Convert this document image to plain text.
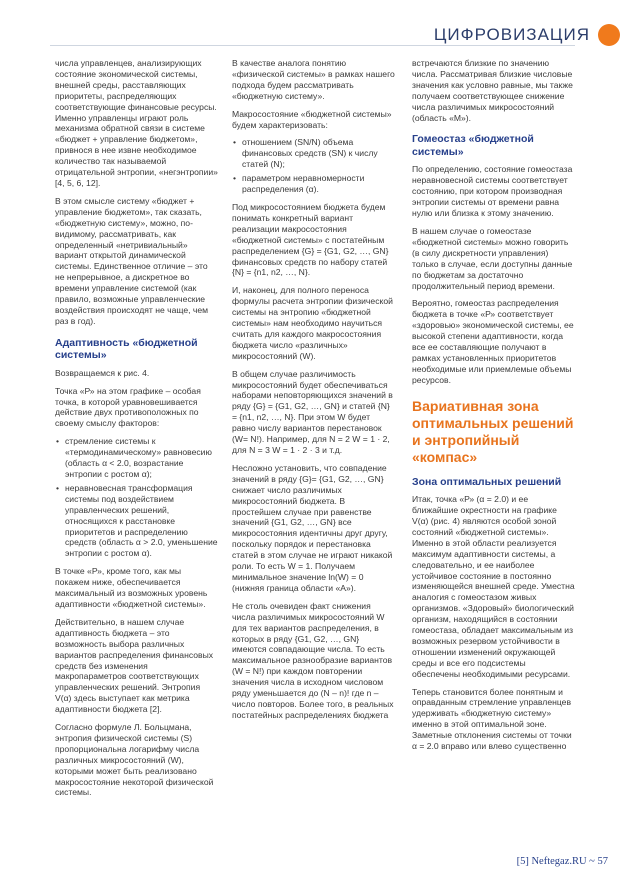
ЦИФРОВИЗАЦИЯ

числа управленцев, анализирующих состояние экономической системы, внешней среды, расставляющих приоритеты, распределяющих соответствующие финансовые ресурсы. Именно управленцы играют роль механизма обратной связи в системе «бюджет + управление бюджетом», привнося в нее извне необходимое количество так называемой отрицательной энтропии, «негэнтропии» [4, 5, 6, 12].

В этом смысле систему «бюджет + управление бюджетом», так сказать, «бюджетную систему», можно, по-видимому, рассматривать, как определенный «нетривиальный» вариант открытой динамической системы. Единственное отличие – это не непрерывное, а дискретное во времени управление системой (как правило, возможные управленческие воздействия происходят не чаще, чем раз в год).

Адаптивность «бюджетной системы»

Возвращаемся к рис. 4.

Точка «Р» на этом графике – особая точка, в которой уравновешивается действие двух противоположных по своему смыслу факторов:

• стремление системы к «термодинамическому» равновесию (область α < 2.0, возрастание энтропии с ростом α);
• неравновесная трансформация системы под воздействием управленческих решений, относящихся к расстановке приоритетов и распределению средств (область α > 2.0, уменьшение энтропии с ростом α).

В точке «Р», кроме того, как мы покажем ниже, обеспечивается максимальный из возможных уровень адаптивности «бюджетной системы».

Действительно, в нашем случае адаптивность бюджета – это возможность выбора различных вариантов распределения финансовых средств без изменения макропараметров соответствующих управленческих решений. Энтропия V(α) здесь выступает как метрика адаптивности бюджета [2].

Согласно формуле Л. Больцмана, энтропия физической системы (S) пропорциональна логарифму числа различных микросостояний (W), которыми может быть реализовано макросостояние некоторой физической системы.

В качестве аналога понятию «физической системы» в рамках нашего подхода будем рассматривать «бюджетную систему».

Макросостояние «бюджетной системы» будем характеризовать:

• отношением (SN/N) объема финансовых средств (SN) к числу статей (N);
• параметром неравномерности распределения (α).

Под микросостоянием бюджета будем понимать конкретный вариант реализации макросостояния «бюджетной системы» с постатейным распределением {G} = {G1, G2, …, GN} финансовых средств по набору статей {N} = {n1, n2, …, N}.

И, наконец, для полного переноса формулы расчета энтропии физической системы на энтропию «бюджетной системы» нам необходимо научиться считать для каждого макросостояния бюджета число «различных» микросостояний (W).

В общем случае различимость микросостояний будет обеспечиваться наборами неповторяющихся значений в ряду {G} = {G1, G2, …, GN} и статей {N} = {n1, n2, …, N}. При этом W будет равно числу вариантов перестановок (W= N!). Например, для N = 2 W = 1 · 2, для N = 3 W = 1 · 2 · 3 и т.д.

Несложно установить, что совпадение значений в ряду {G}= {G1, G2, …, GN} снижает число различимых микросостояний бюджета. В простейшем случае при равенстве значений {G1, G2, …, GN} все микросостояния идентичны друг другу, поскольку порядок и перестановка статей в этом случае не играют никакой роли. То есть W = 1. Получаем минимальное значение ln(W) = 0 (нижняя граница области «А»).

Не столь очевиден факт снижения числа различимых микросостояний W для тех вариантов распределения, в которых в ряду {G1, G2, …, GN} имеются совпадающие числа. То есть максимальное разнообразие вариантов (W = N!) при каждом повторении значения числа в исходном числовом ряду уменьшается до (N – n)! где n – число повторов. Более того, в реальных постатейных распределениях бюджета

встречаются близкие по значению числа. Рассматривая близкие числовые значения как условно равные, мы также получаем соответствующее снижение числа различимых микросостояний (область «М»).

Гомеостаз «бюджетной системы»

По определению, состояние гомеостаза неравновесной системы соответствует состоянию, при котором производная энтропии системы от времени равна нулю или близка к этому значению.

В нашем случае о гомеостазе «бюджетной системы» можно говорить (в силу дискретности управления) только в случае, если доступны данные по бюджетам за достаточно продолжительный период времени.

Вероятно, гомеостаз распределения бюджета в точке «Р» соответствует «здоровью» экономической системы, ее высокой степени адаптивности, когда все ее составляющие получают в рамках установленных приоритетов необходимые или приемлемые объемы ресурсов.

Вариативная зона оптимальных решений и энтропийный «компас»
Зона оптимальных решений

Итак, точка «Р» (α = 2.0) и ее ближайшие окрестности на графике V(α) (рис. 4) являются особой зоной состояний «бюджетной системы». Именно в этой области реализуется максимум адаптивности системы, а следовательно, и ее наиболее устойчивое состояние в постоянно изменяющейся внешней среде. Уместна аналогия с гомеостазом живых организмов. «Здоровый» биологический организм, находящийся в состоянии гомеостаза, обладает максимальным из возможных резервом устойчивости в отношении изменений окружающей среды и все его подсистемы обеспечены необходимыми ресурсами.

Теперь становится более понятным и оправданным стремление управленцев удерживать «бюджетную систему» именно в этой оптимальной зоне. Заметные отклонения системы от точки α = 2.0 вправо или влево существенно

[5] Neftegaz.RU ~ 57
